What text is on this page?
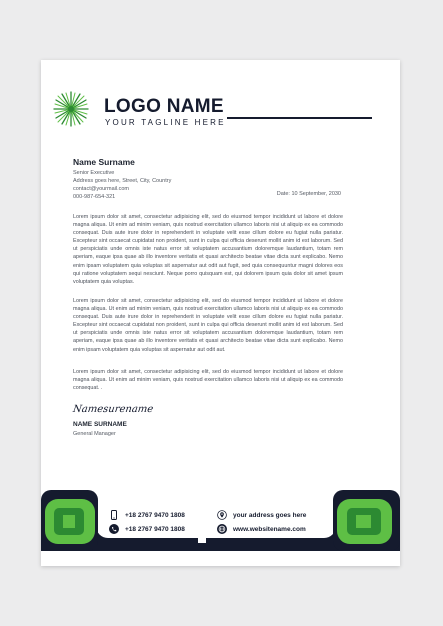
LOGO NAME
YOUR TAGLINE HERE
Name Surname
Senior Executive
Address goes here, Street, City, Country
contact@yourmail.com
000-987-654-321	Date: 10 September, 2030

Lorem ipsum dolor sit amet, consectetur adipisicing elit, sed do eiusmod tempor incididunt ut labore et dolore magna aliqua. Ut enim ad minim veniam, quis nostrud exercitation ullamco laboris nisi ut aliquip ex ea commodo consequat. Duis aute irure dolor in reprehenderit in voluptate velit esse cillum dolore eu fugiat nulla pariatur. Excepteur sint occaecat cupidatat non proident, sunt in culpa qui officia deserunt mollit anim id est laborum. Sed ut perspiciatis unde omnis iste natus error sit voluptatem accusantium doloremque laudantium, totam rem aperiam, eaque ipsa quae ab illo inventore veritatis et quasi architecto beatae vitae dicta sunt explicabo. Nemo enim ipsam voluptatem quia voluptas sit aspernatur aut odit aut fugit, sed quia consequuntur magni dolores eos qui ratione voluptatem sequi nesciunt. Neque porro quisquam est, qui dolorem ipsum quia dolor sit amet ipsum voluptatem quia voluptas.

Lorem ipsum dolor sit amet, consectetur adipisicing elit, sed do eiusmod tempor incididunt ut labore et dolore magna aliqua. Ut enim ad minim veniam, quis nostrud exercitation ullamco laboris nisi ut aliquip ex ea commodo consequat. Duis aute irure dolor in reprehenderit in voluptate velit esse cillum dolore eu fugiat nulla pariatur. Excepteur sint occaecat cupidatat non proident, sunt in culpa qui officia deserunt mollit anim id est laborum. Sed ut perspiciatis unde omnis iste natus error sit voluptatem accusantium doloremque laudantium, totam rem aperiam, eaque ipsa quae ab illo inventore veritatis et quasi architecto beatae vitae dicta sunt explicabo. Nemo enim ipsam voluptatem quia voluptas sit aspernatur aut odit aut.

Lorem ipsum dolor sit amet, consectetur adipisicing elit, sed do eiusmod tempor incididunt ut labore et dolore magna aliqua. Ut enim ad minim veniam, quis nostrud exercitation ullamco laboris nisi ut aliquip ex ea commodo consequat. .

Namesurename
NAME SURNAME
General Manager
+18 2767 9470 1808
+18 2767 9470 1808
your address goes here
www.websitename.com
